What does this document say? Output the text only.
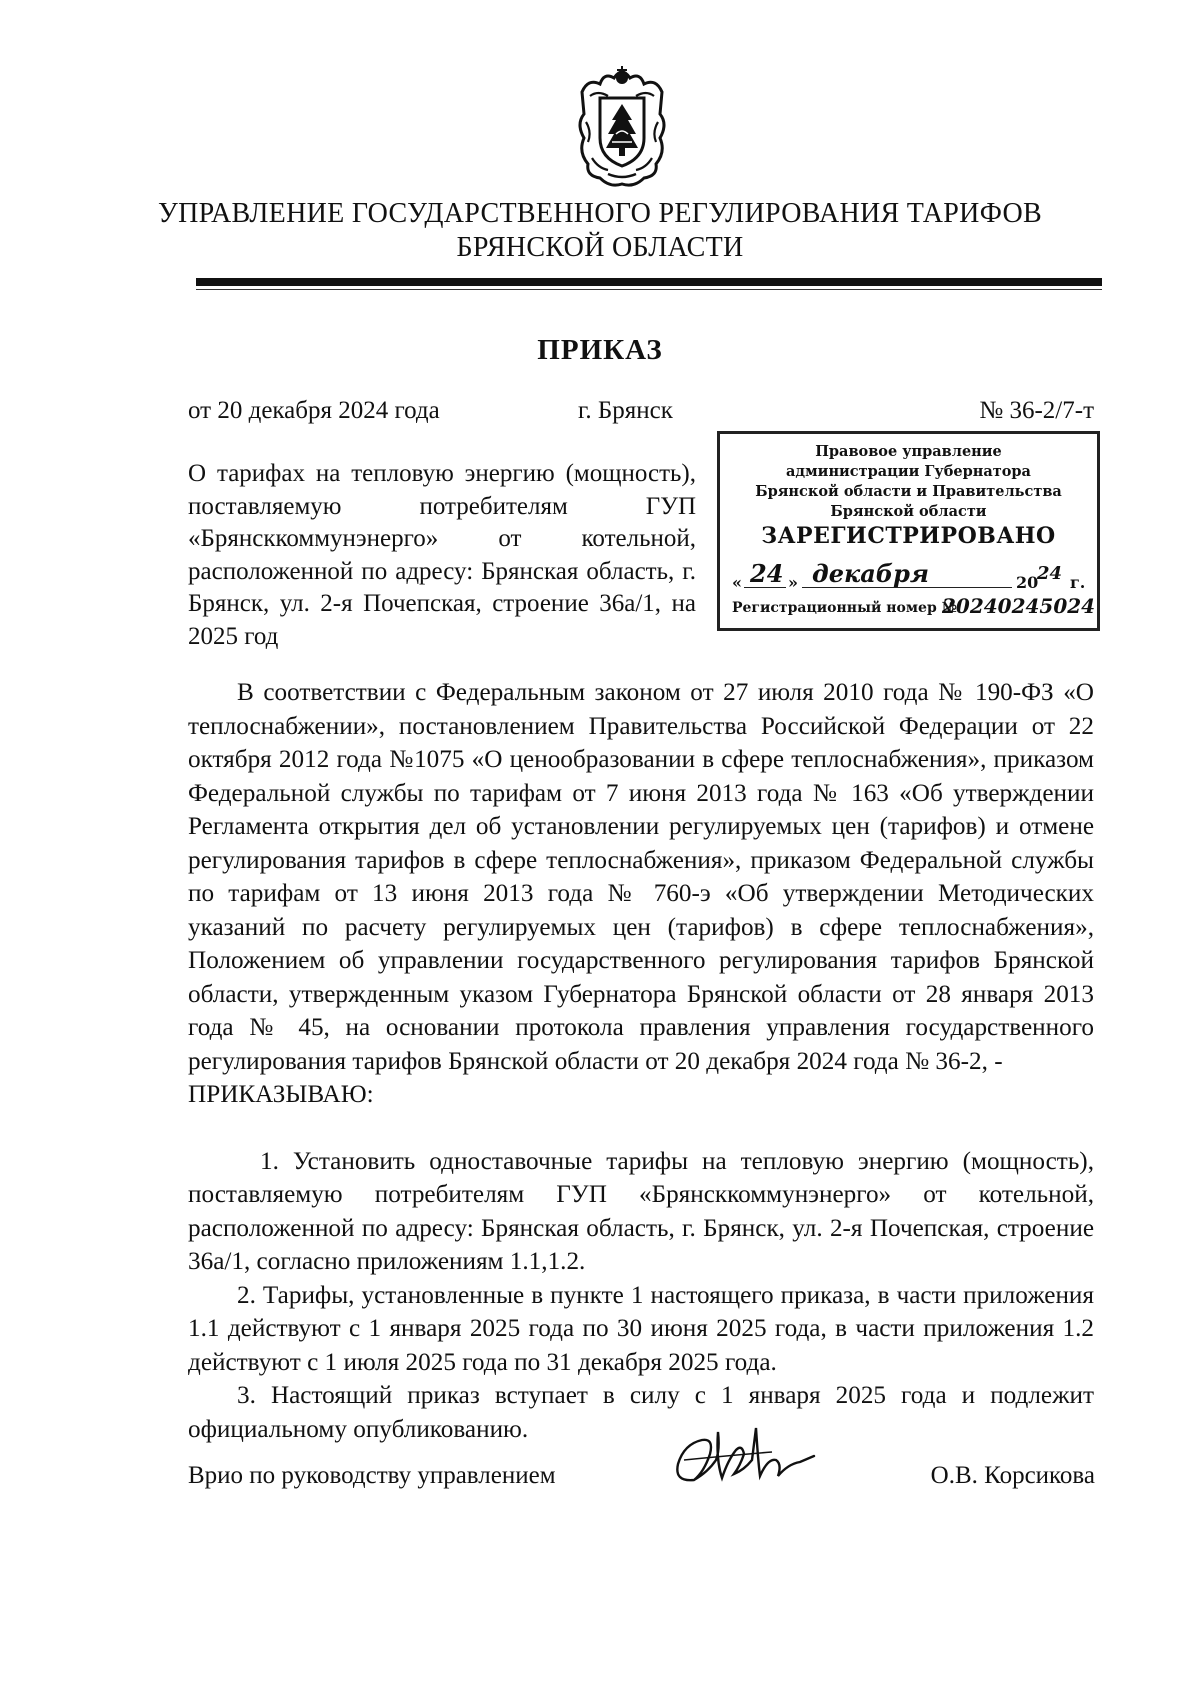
УПРАВЛЕНИЕ ГОСУДАРСТВЕННОГО РЕГУЛИРОВАНИЯ ТАРИФОВ
БРЯНСКОЙ ОБЛАСТИ
ПРИКАЗ
от 20 декабря 2024 года	г. Брянск	№ 36-2/7-т
О тарифах на тепловую энергию (мощность), поставляемую потребителям ГУП «Брянсккоммунэнерго» от котельной, расположенной по адресу: Брянская область, г. Брянск, ул. 2-я Почепская, строение 36а/1, на 2025 год
Правовое управление
администрации Губернатора
Брянской области и Правительства
Брянской области
ЗАРЕГИСТРИРОВАНО
« 24 » декабря	20
24 г.
Регистрационный номер №
20240245024

В соответствии с Федеральным законом от 27 июля 2010 года № 190-ФЗ «О теплоснабжении», постановлением Правительства Российской Федерации от 22 октября 2012 года №1075 «О ценообразовании в сфере теплоснабжения», приказом Федеральной службы по тарифам от 7 июня 2013 года № 163 «Об утверждении Регламента открытия дел об установлении регулируемых цен (тарифов) и отмене регулирования тарифов в сфере теплоснабжения», приказом Федеральной службы по тарифам от 13 июня 2013 года № 760-э «Об утверждении Методических указаний по расчету регулируемых цен (тарифов) в сфере теплоснабжения», Положением об управлении государственного регулирования тарифов Брянской области, утвержденным указом Губернатора Брянской области от 28 января 2013 года № 45, на основании протокола правления управления государственного регулирования тарифов Брянской области от 20 декабря 2024 года № 36-2, -
ПРИКАЗЫВАЮ:

1. Установить одноставочные тарифы на тепловую энергию (мощность), поставляемую потребителям ГУП «Брянсккоммунэнерго» от котельной, расположенной по адресу: Брянская область, г. Брянск, ул. 2-я Почепская, строение 36а/1, согласно приложениям 1.1,1.2.

2. Тарифы, установленные в пункте 1 настоящего приказа, в части приложения 1.1 действуют с 1 января 2025 года по 30 июня 2025 года, в части приложения 1.2 действуют с 1 июля 2025 года по 31 декабря 2025 года.

3. Настоящий приказ вступает в силу с 1 января 2025 года и подлежит официальному опубликованию.

Врио по руководству управлением	О.В. Корсикова
